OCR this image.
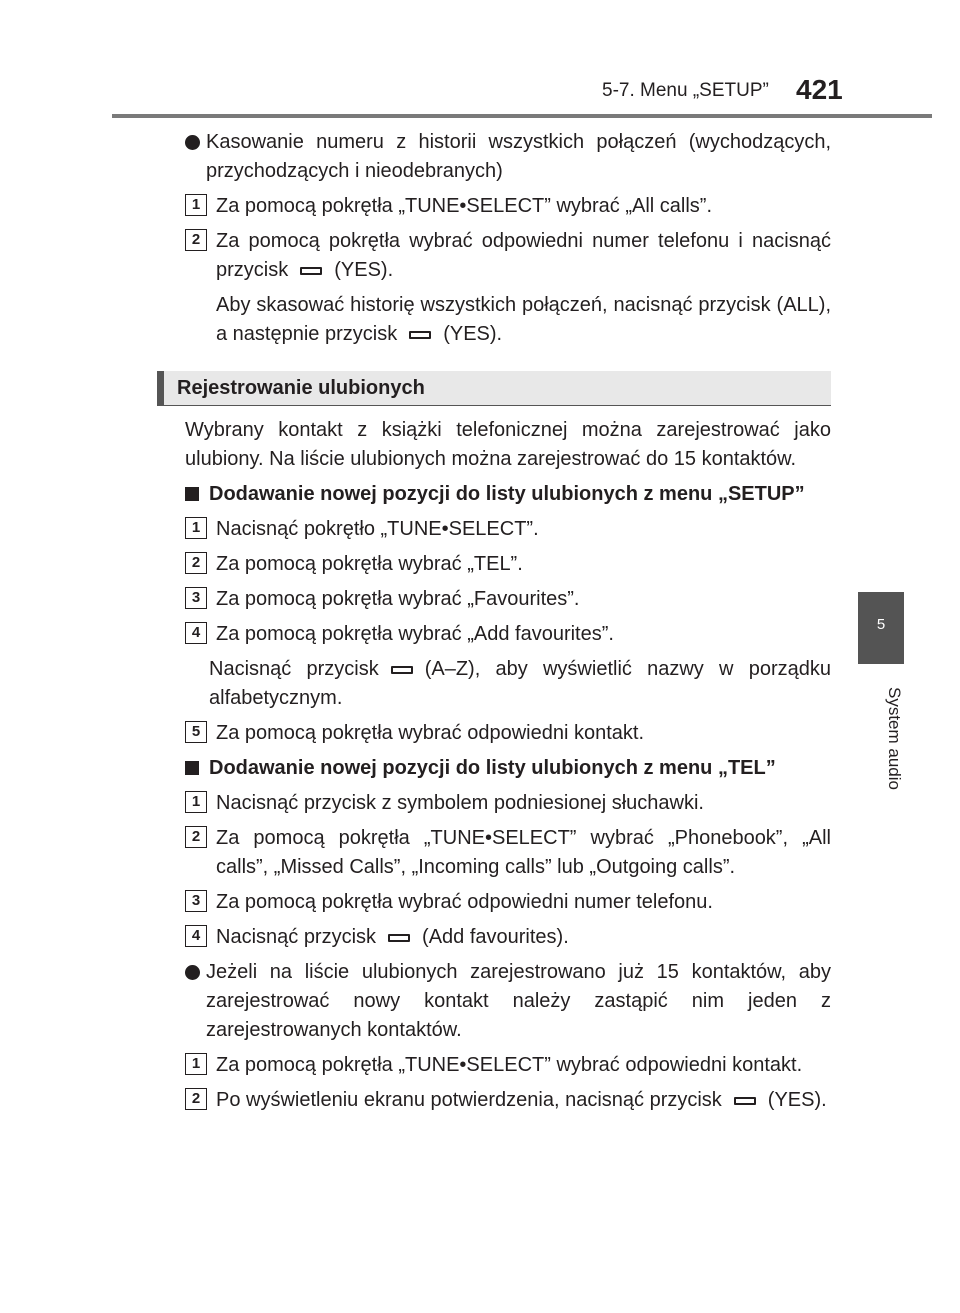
5-7. Menu „SETUP” 421
5
System audio

Kasowanie numeru z historii wszystkich połączeń (wychodzących, przychodzących i nieodebranych)

1 Za pomocą pokrętła „TUNE•SELECT” wybrać „All calls”.

2 Za pomocą pokrętła wybrać odpowiedni numer telefonu i nacisnąć przycisk (YES).

Aby skasować historię wszystkich połączeń, nacisnąć przycisk (ALL), a następnie przycisk (YES).

Rejestrowanie ulubionych

Wybrany kontakt z książki telefonicznej można zarejestrować jako ulubiony. Na liście ulubionych można zarejestrować do 15 kontaktów.

Dodawanie nowej pozycji do listy ulubionych z menu „SETUP”

1 Nacisnąć pokrętło „TUNE•SELECT”.

2 Za pomocą pokrętła wybrać „TEL”.

3 Za pomocą pokrętła wybrać „Favourites”.

4 Za pomocą pokrętła wybrać „Add favourites”.

Nacisnąć przycisk (A–Z), aby wyświetlić nazwy w porządku alfabetycznym.

5 Za pomocą pokrętła wybrać odpowiedni kontakt.

Dodawanie nowej pozycji do listy ulubionych z menu „TEL”

1 Nacisnąć przycisk z symbolem podniesionej słuchawki.

2 Za pomocą pokrętła „TUNE•SELECT” wybrać „Phonebook”, „All calls”, „Missed Calls”, „Incoming calls” lub „Outgoing calls”.

3 Za pomocą pokrętła wybrać odpowiedni numer telefonu.

4 Nacisnąć przycisk (Add favourites).

Jeżeli na liście ulubionych zarejestrowano już 15 kontaktów, aby zarejestrować nowy kontakt należy zastąpić nim jeden z zarejestrowanych kontaktów.

1 Za pomocą pokrętła „TUNE•SELECT” wybrać odpowiedni kontakt.

2 Po wyświetleniu ekranu potwierdzenia, nacisnąć przycisk (YES).
